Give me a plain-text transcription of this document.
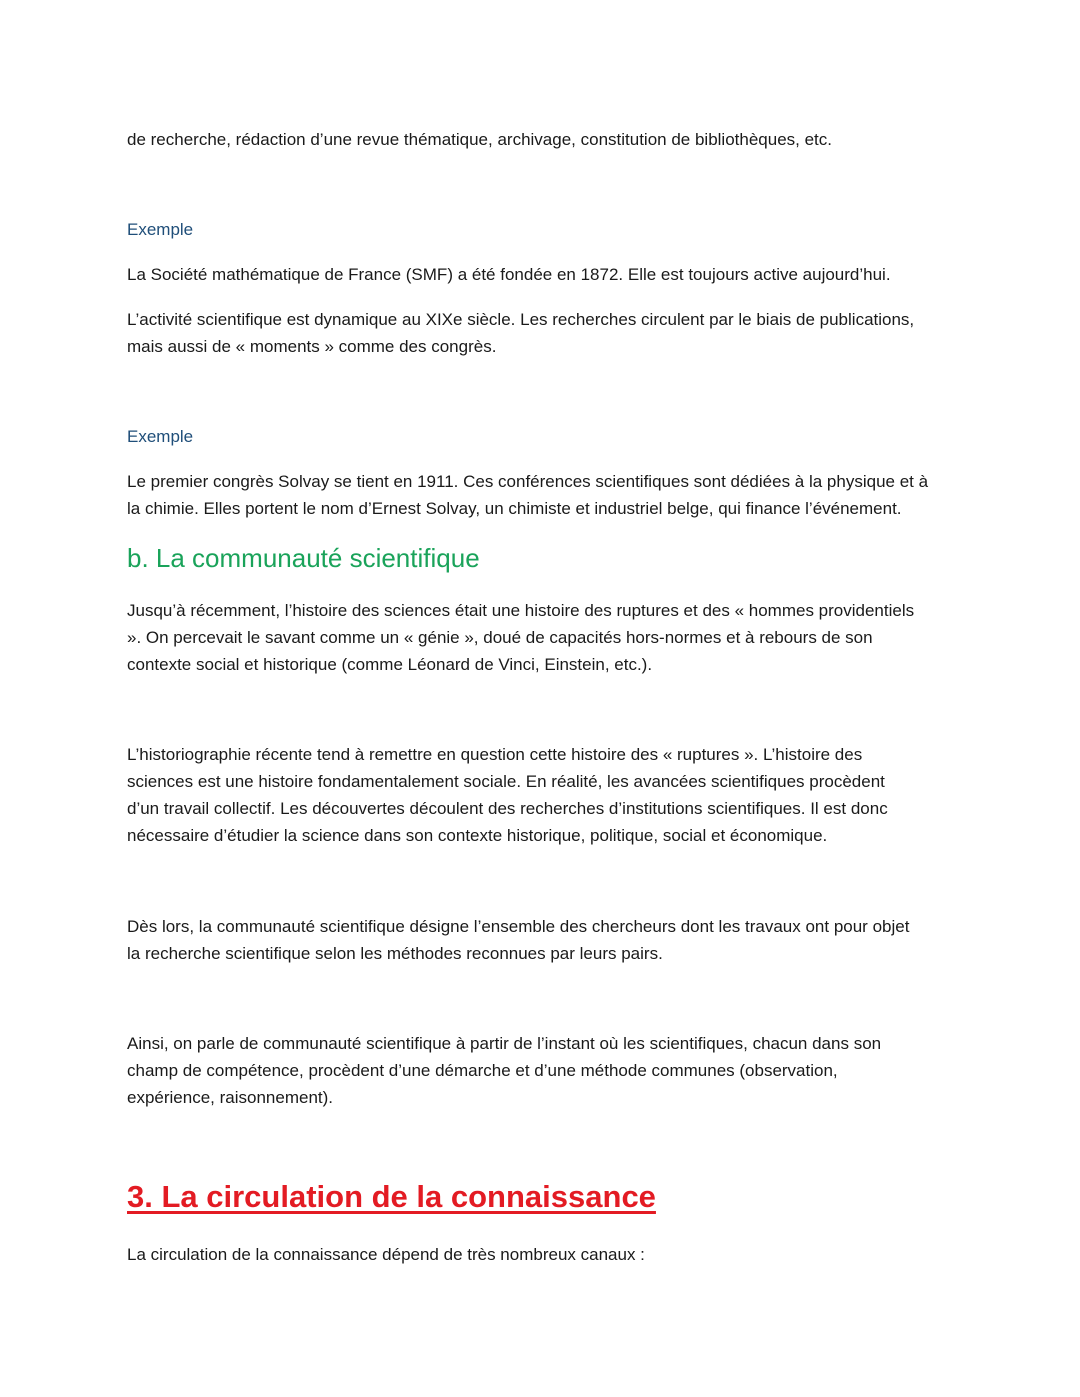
de recherche, rédaction d’une revue thématique, archivage, constitution de bibliothèques, etc.

Exemple

La Société mathématique de France (SMF) a été fondée en 1872. Elle est toujours active aujourd’hui.

L’activité scientifique est dynamique au XIXe siècle. Les recherches circulent par le biais de publications,
mais aussi de « moments » comme des congrès.

Exemple

Le premier congrès Solvay se tient en 1911. Ces conférences scientifiques sont dédiées à la physique et à
la chimie. Elles portent le nom d’Ernest Solvay, un chimiste et industriel belge, qui finance l’événement.

b. La communauté scientifique

Jusqu’à récemment, l’histoire des sciences était une histoire des ruptures et des « hommes providentiels
». On percevait le savant comme un « génie », doué de capacités hors-normes et à rebours de son
contexte social et historique (comme Léonard de Vinci, Einstein, etc.).

L’historiographie récente tend à remettre en question cette histoire des « ruptures ». L’histoire des
sciences est une histoire fondamentalement sociale. En réalité, les avancées scientifiques procèdent
d’un travail collectif. Les découvertes découlent des recherches d’institutions scientifiques. Il est donc
nécessaire d’étudier la science dans son contexte historique, politique, social et économique.

Dès lors, la communauté scientifique désigne l’ensemble des chercheurs dont les travaux ont pour objet
la recherche scientifique selon les méthodes reconnues par leurs pairs.

Ainsi, on parle de communauté scientifique à partir de l’instant où les scientifiques, chacun dans son
champ de compétence, procèdent d’une démarche et d’une méthode communes (observation,
expérience, raisonnement).

3. La circulation de la connaissance

La circulation de la connaissance dépend de très nombreux canaux :
